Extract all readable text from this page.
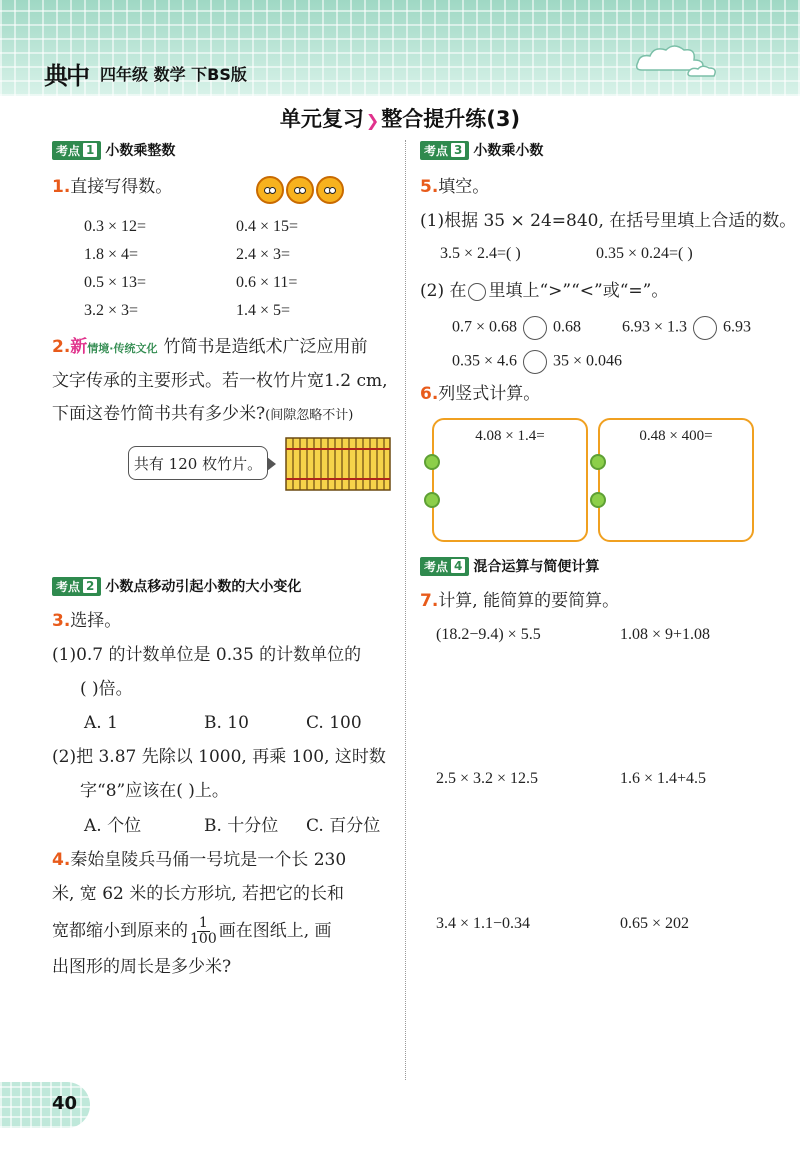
典中 四年级 数学 下BS版
单元复习 ❯整合提升练(3)
考点 1 小数乘整数
1.直接写得数。
0.3 × 12=	0.4 × 15=
1.8 × 4=	2.4 × 3=
0.5 × 13=	0.6 × 11=
3.2 × 3=	1.4 × 5=
2.新情境·传统文化 竹简书是造纸术广泛应用前
文字传承的主要形式。若一枚竹片宽1.2 cm,
下面这卷竹简书共有多少米?(间隙忽略不计)
共有 120 枚竹片。
考点 2 小数点移动引起小数的大小变化
3.选择。
(1)0.7 的计数单位是 0.35 的计数单位的
( )倍。
A. 1	B. 10	C. 100
(2)把 3.87 先除以 1000, 再乘 100, 这时数
字“8”应该在( )上。
A. 个位	B. 十分位 C. 百分位
4.秦始皇陵兵马俑一号坑是一个长 230
米, 宽 62 米的长方形坑, 若把它的长和
宽都缩小到原来的 $\frac{1}{100}$ 画在图纸上, 画
出图形的周长是多少米?
考点 3 小数乘小数
5.填空。
(1)根据 35 × 24=840, 在括号里填上合适的数。
3.5 × 2.4=( )	0.35 × 0.24=( )
(2) 在 里填上“>”“<”或“=”。
0.7 × 0.68 0.68	6.93 × 1.3 6.93
0.35 × 4.6 35 × 0.046
6.列竖式计算。
4.08 × 1.4=	0.48 × 400=
考点 4 混合运算与简便计算
7.计算, 能简算的要简算。
(18.2−9.4) × 5.5	1.08 × 9+1.08
2.5 × 3.2 × 12.5	1.6 × 1.4+4.5
3.4 × 1.1−0.34	0.65 × 202
40
